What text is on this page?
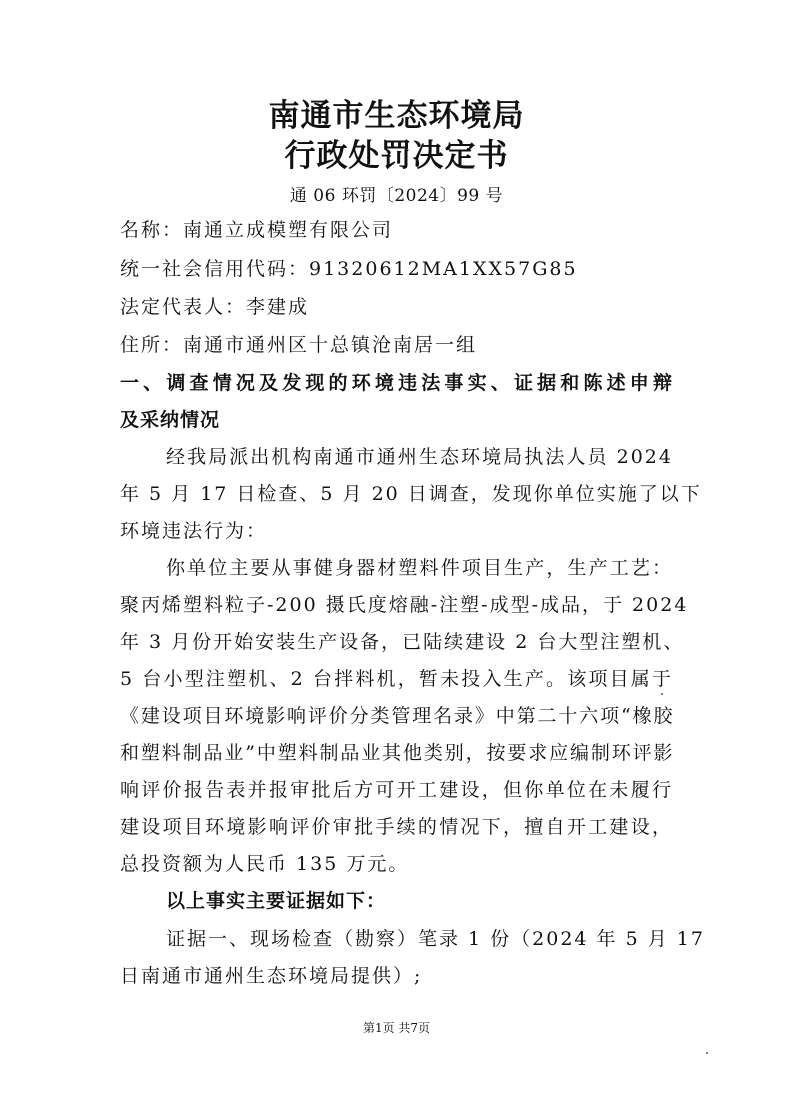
南通市生态环境局
行政处罚决定书
通 06 环罚〔2024〕99 号
名称：南通立成模塑有限公司
统一社会信用代码：91320612MA1XX57G85
法定代表人：李建成
住所：南通市通州区十总镇沧南居一组
一、调查情况及发现的环境违法事实、证据和陈述申辩
及采纳情况
经我局派出机构南通市通州生态环境局执法人员 2024
年 5 月 17 日检查、5 月 20 日调查，发现你单位实施了以下
环境违法行为：
你单位主要从事健身器材塑料件项目生产，生产工艺：
聚丙烯塑料粒子-200 摄氏度熔融-注塑-成型-成品，于 2024
年 3 月份开始安装生产设备，已陆续建设 2 台大型注塑机、
5 台小型注塑机、2 台拌料机，暂未投入生产。该项目属于
《建设项目环境影响评价分类管理名录》中第二十六项“橡胶
和塑料制品业”中塑料制品业其他类别，按要求应编制环评影
响评价报告表并报审批后方可开工建设，但你单位在未履行
建设项目环境影响评价审批手续的情况下，擅自开工建设，
总投资额为人民币 135 万元。
以上事实主要证据如下：
证据一、现场检查（勘察）笔录 1 份（2024 年 5 月 17
日南通市通州生态环境局提供）;
第1页 共7页
